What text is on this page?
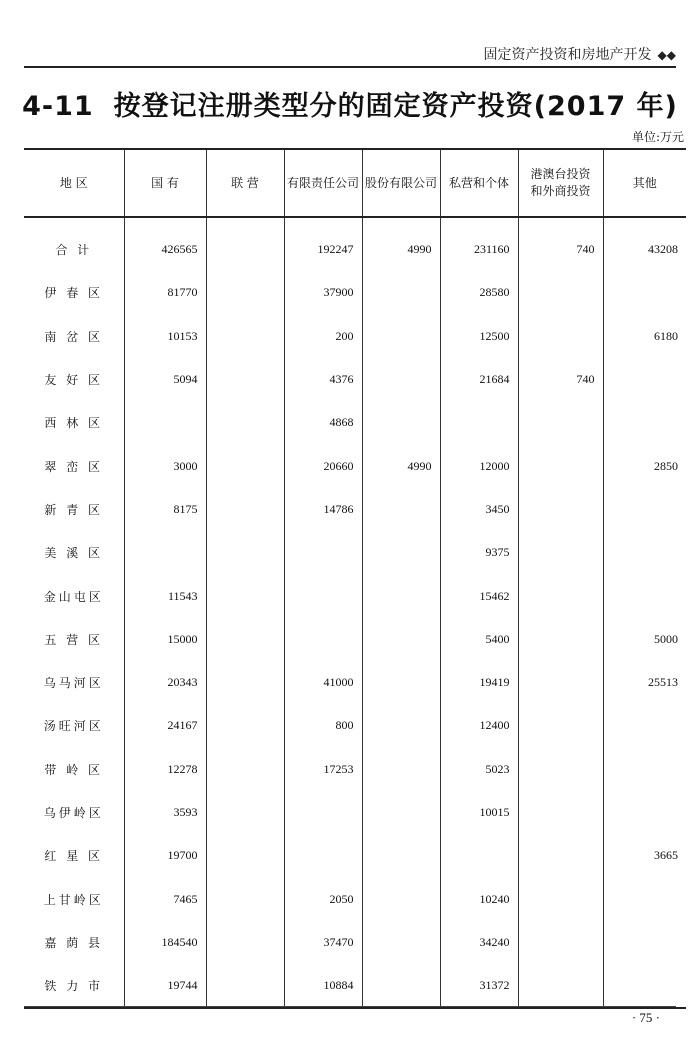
固定资产投资和房地产开发 ◆◆
4-11 按登记注册类型分的固定资产投资(2017 年)
单位:万元
地 区	国 有	联 营	有限责任公司	股份有限公司	私营和个体	港澳台投资
和外商投资	其他
合 计	426565		192247	4990	231160	740	43208
伊 春 区	81770		37900		28580		
南 岔 区	10153		200		12500		6180
友 好 区	5094		4376		21684	740	
西 林 区			4868				
翠 峦 区	3000		20660	4990	12000		2850
新 青 区	8175		14786		3450		
美 溪 区					9375		
金山屯区	11543				15462		
五 营 区	15000				5400		5000
乌马河区	20343		41000		19419		25513
汤旺河区	24167		800		12400		
带 岭 区	12278		17253		5023		
乌伊岭区	3593				10015		
红 星 区	19700						3665
上甘岭区	7465		2050		10240		
嘉 荫 县	184540		37470		34240		
铁 力 市	19744		10884		31372		
· 75 ·
